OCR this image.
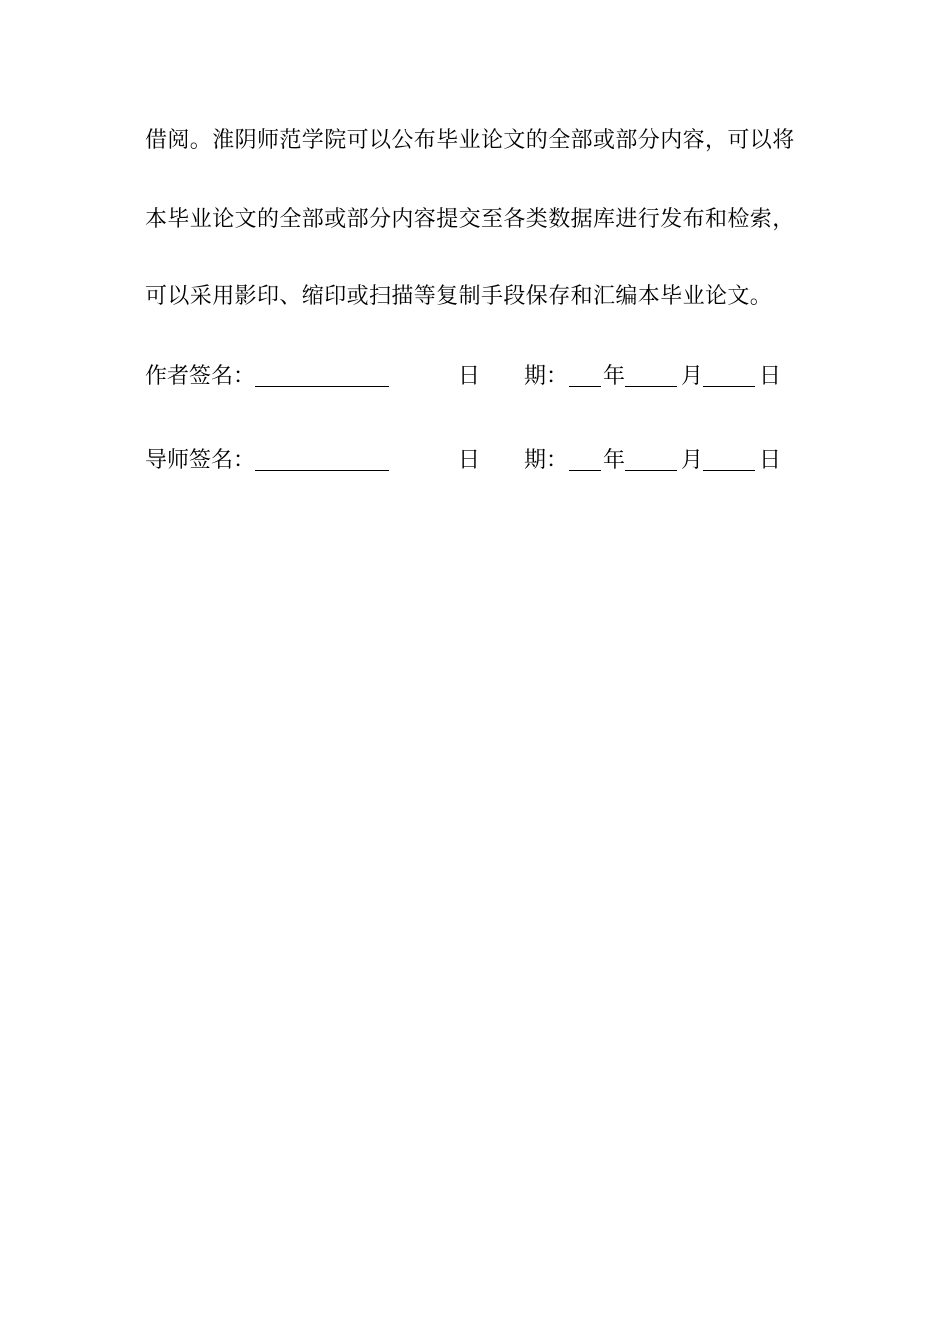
借阅。淮阴师范学院可以公布毕业论文的全部或部分内容，可以将
本毕业论文的全部或部分内容提交至各类数据库进行发布和检索，
可以采用影印、缩印或扫描等复制手段保存和汇编本毕业论文。
作者签名：	日 期： 年	月	日
导师签名：	日 期： 年	月	日
